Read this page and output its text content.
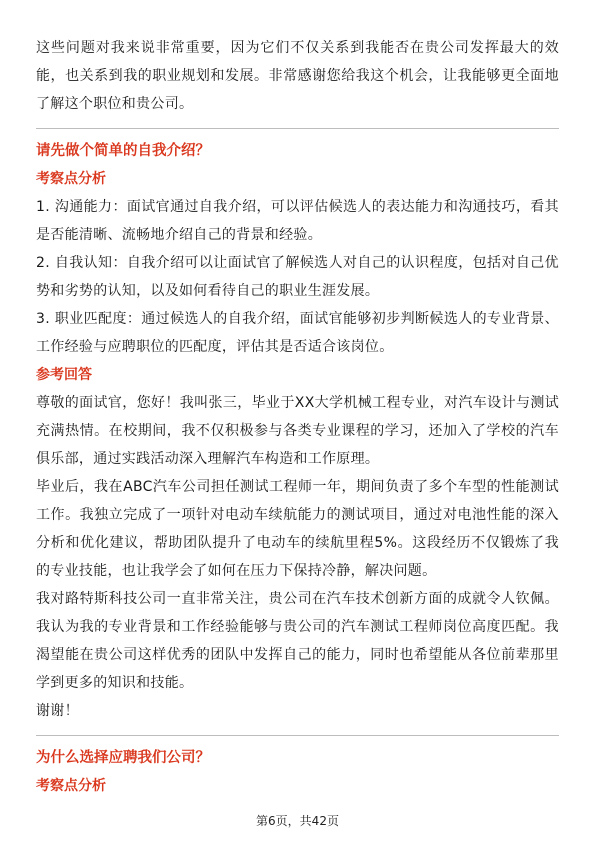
这些问题对我来说非常重要，因为它们不仅关系到我能否在贵公司发挥最大的效能，也关系到我的职业规划和发展。非常感谢您给我这个机会，让我能够更全面地了解这个职位和贵公司。

请先做个简单的自我介绍？

考察点分析

1. 沟通能力：面试官通过自我介绍，可以评估候选人的表达能力和沟通技巧，看其是否能清晰、流畅地介绍自己的背景和经验。

2. 自我认知：自我介绍可以让面试官了解候选人对自己的认识程度，包括对自己优势和劣势的认知，以及如何看待自己的职业生涯发展。

3. 职业匹配度：通过候选人的自我介绍，面试官能够初步判断候选人的专业背景、工作经验与应聘职位的匹配度，评估其是否适合该岗位。

参考回答

尊敬的面试官，您好！我叫张三，毕业于XX大学机械工程专业，对汽车设计与测试充满热情。在校期间，我不仅积极参与各类专业课程的学习，还加入了学校的汽车俱乐部，通过实践活动深入理解汽车构造和工作原理。

毕业后，我在ABC汽车公司担任测试工程师一年，期间负责了多个车型的性能测试工作。我独立完成了一项针对电动车续航能力的测试项目，通过对电池性能的深入分析和优化建议，帮助团队提升了电动车的续航里程5%。这段经历不仅锻炼了我的专业技能，也让我学会了如何在压力下保持冷静，解决问题。

我对路特斯科技公司一直非常关注，贵公司在汽车技术创新方面的成就令人钦佩。我认为我的专业背景和工作经验能够与贵公司的汽车测试工程师岗位高度匹配。我渴望能在贵公司这样优秀的团队中发挥自己的能力，同时也希望能从各位前辈那里学到更多的知识和技能。

谢谢！

为什么选择应聘我们公司？

考察点分析

第6页，共42页
